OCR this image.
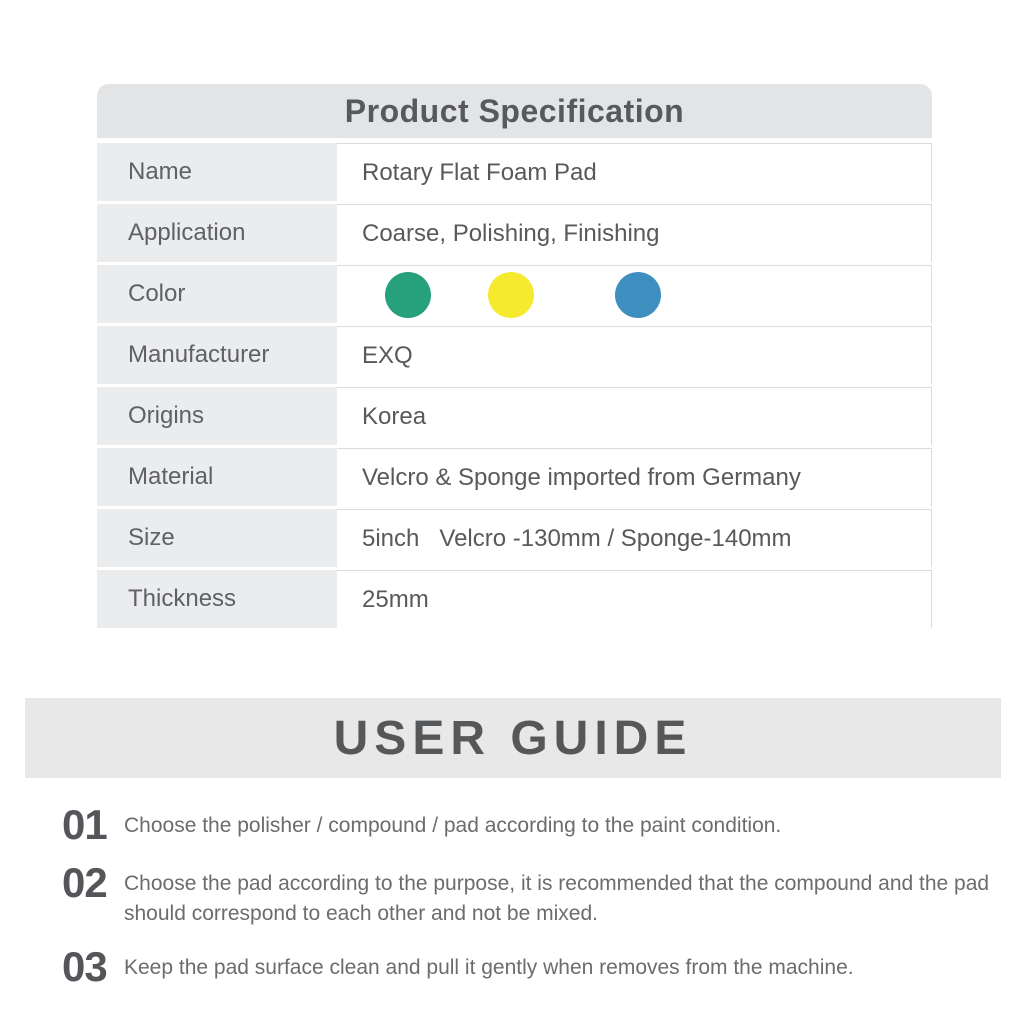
Product Specification
Name	Rotary Flat Foam Pad
Application	Coarse, Polishing, Finishing
Color
Manufacturer	EXQ
Origins	Korea
Material	Velcro & Sponge imported from Germany
Size	5inch   Velcro -130mm / Sponge-140mm
Thickness	25mm
USER GUIDE
01 Choose the polisher / compound / pad according to the paint condition.
02 Choose the pad according to the purpose, it is recommended that the compound and the pad should correspond to each other and not be mixed.
03 Keep the pad surface clean and pull it gently when removes from the machine.
